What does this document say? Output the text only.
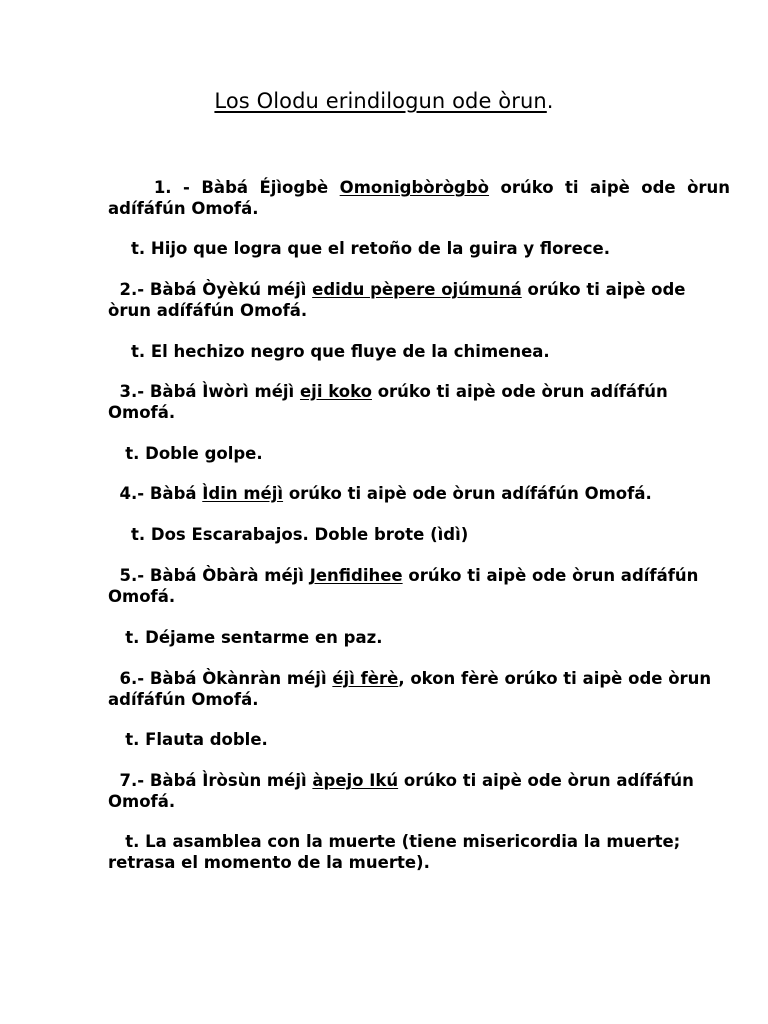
Los Olodu erindilogun ode òrun.

1. - Bàbá Éjìogbè Omonigbòrògbò orúko ti aipè ode òrun adífáfún Omofá.

t. Hijo que logra que el retoño de la guira y florece.

2.- Bàbá Òyèkú méjì edidu pèpere ojúmuná orúko ti aipè ode òrun adífáfún Omofá.

t. El hechizo negro que fluye de la chimenea.

3.- Bàbá Ìwòrì méjì eji koko orúko ti aipè ode òrun adífáfún Omofá.

t. Doble golpe.

4.- Bàbá Ìdin méjì orúko ti aipè ode òrun adífáfún Omofá.

t. Dos Escarabajos. Doble brote (ìdì)

5.- Bàbá Òbàrà méjì Jenfidihee orúko ti aipè ode òrun adífáfún Omofá.

t. Déjame sentarme en paz.

6.- Bàbá Òkànràn méjì éjì fèrè, okon fèrè orúko ti aipè ode òrun adífáfún Omofá.

t. Flauta doble.

7.- Bàbá Ìròsùn méjì àpejo Ikú orúko ti aipè ode òrun adífáfún Omofá.

t. La asamblea con la muerte (tiene misericordia la muerte; retrasa el momento de la muerte).
